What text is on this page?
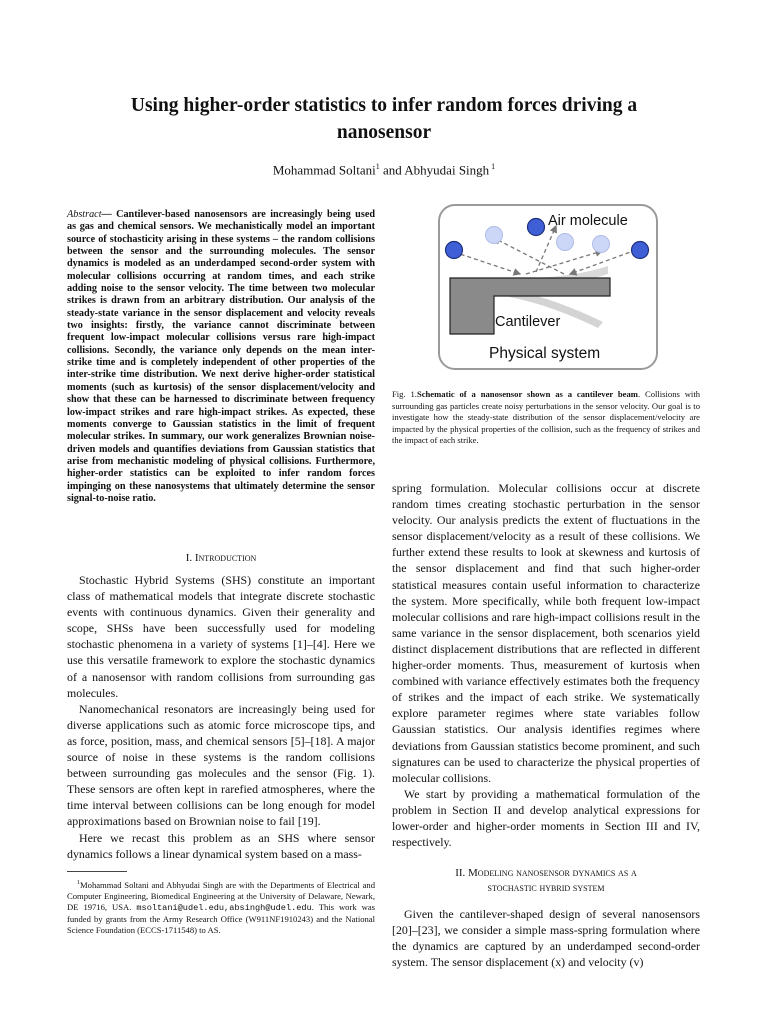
Using higher-order statistics to infer random forces driving a nanosensor
Mohammad Soltani$^1$ and Abhyudai Singh $^1$
Abstract— Cantilever-based nanosensors are increasingly being used as gas and chemical sensors. We mechanistically model an important source of stochasticity arising in these systems – the random collisions between the sensor and the surrounding molecules. The sensor dynamics is modeled as an underdamped second-order system with molecular collisions occurring at random times, and each strike adding noise to the sensor velocity. The time between two molecular strikes is drawn from an arbitrary distribution. Our analysis of the steady-state variance in the sensor displacement and velocity reveals two insights: firstly, the variance cannot discriminate between frequent low-impact molecular collisions versus rare high-impact collisions. Secondly, the variance only depends on the mean inter-strike time and is completely independent of other properties of the inter-strike time distribution. We next derive higher-order statistical moments (such as kurtosis) of the sensor displacement/velocity and show that these can be harnessed to discriminate between frequency low-impact strikes and rare high-impact strikes. As expected, these moments converge to Gaussian statistics in the limit of frequent molecular strikes. In summary, our work generalizes Brownian noise-driven models and quantifies deviations from Gaussian statistics that arise from mechanistic modeling of physical collisions. Furthermore, higher-order statistics can be exploited to infer random forces impinging on these nanosystems that ultimately determine the sensor signal-to-noise ratio.
I. Introduction

Stochastic Hybrid Systems (SHS) constitute an important class of mathematical models that integrate discrete stochastic events with continuous dynamics. Given their generality and scope, SHSs have been successfully used for modeling stochastic phenomena in a variety of systems [1]–[4]. Here we use this versatile framework to explore the stochastic dynamics of a nanosensor with random collisions from surrounding gas molecules.

Nanomechanical resonators are increasingly being used for diverse applications such as atomic force microscope tips, and as force, position, mass, and chemical sensors [5]–[18]. A major source of noise in these systems is the random collisions between surrounding gas molecules and the sensor (Fig. 1). These sensors are often kept in rarefied atmospheres, where the time interval between collisions can be long enough for model approximations based on Brownian noise to fail [19].

Here we recast this problem as an SHS where sensor dynamics follows a linear dynamical system based on a mass-

$^1$Mohammad Soltani and Abhyudai Singh are with the Departments of Electrical and Computer Engineering, Biomedical Engineering at the University of Delaware, Newark, DE 19716, USA. msoltani@udel.edu,absingh@udel.edu. This work was funded by grants from the Army Research Office (W911NF1910243) and the National Science Foundation (ECCS-1711548) to AS.

Air molecule
Cantilever
Physical system
Fig. 1.Schematic of a nanosensor shown as a cantilever beam. Collisions with surrounding gas particles create noisy perturbations in the sensor velocity. Our goal is to investigate how the steady-state distribution of the sensor displacement/velocity are impacted by the physical properties of the collision, such as the frequency of strikes and the impact of each strike.

spring formulation. Molecular collisions occur at discrete random times creating stochastic perturbation in the sensor velocity. Our analysis predicts the extent of fluctuations in the sensor displacement/velocity as a result of these collisions. We further extend these results to look at skewness and kurtosis of the sensor displacement and find that such higher-order statistical measures contain useful information to characterize the system. More specifically, while both frequent low-impact molecular collisions and rare high-impact collisions result in the same variance in the sensor displacement, both scenarios yield distinct displacement distributions that are reflected in different higher-order moments. Thus, measurement of kurtosis when combined with variance effectively estimates both the frequency of strikes and the impact of each strike. We systematically explore parameter regimes where state variables follow Gaussian statistics. Our analysis identifies regimes where deviations from Gaussian statistics become prominent, and such signatures can be used to characterize the physical properties of molecular collisions.

We start by providing a mathematical formulation of the problem in Section II and develop analytical expressions for lower-order and higher-order moments in Section III and IV, respectively.

II. Modeling nanosensor dynamics as a
stochastic hybrid system

Given the cantilever-shaped design of several nanosensors [20]–[23], we consider a simple mass-spring formulation where the dynamics are captured by an underdamped second-order system. The sensor displacement (x) and velocity (v)
